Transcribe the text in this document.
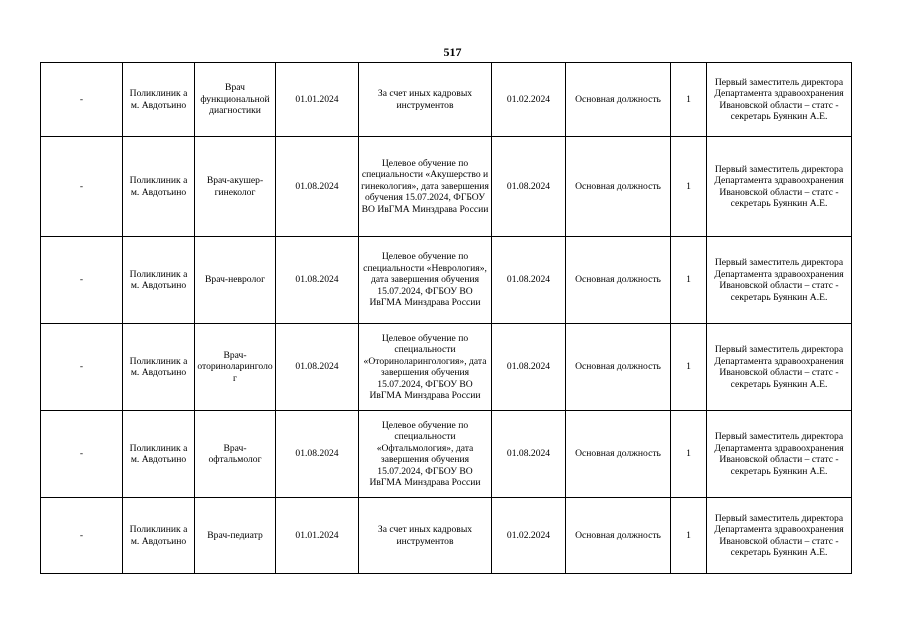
517
-	Поликлиник а м. Авдотьино	Врач функциональной диагностики	01.01.2024	За счет иных кадровых инструментов	01.02.2024	Основная должность	1	Первый заместитель директора Департамента здравоохранения Ивановской области – статс - секретарь Буянкин А.Е.
-	Поликлиник а м. Авдотьино	Врач-акушер-гинеколог	01.08.2024	Целевое обучение по специальности «Акушерство и гинекология», дата завершения обучения 15.07.2024, ФГБОУ ВО ИвГМА Минздрава России	01.08.2024	Основная должность	1	Первый заместитель директора Департамента здравоохранения Ивановской области – статс - секретарь Буянкин А.Е.
-	Поликлиник а м. Авдотьино	Врач-невролог	01.08.2024	Целевое обучение по специальности «Неврология», дата завершения обучения 15.07.2024, ФГБОУ ВО ИвГМА Минздрава России	01.08.2024	Основная должность	1	Первый заместитель директора Департамента здравоохранения Ивановской области – статс - секретарь Буянкин А.Е.
-	Поликлиник а м. Авдотьино	Врач-оториноларинголог	01.08.2024	Целевое обучение по специальности «Оториноларингология», дата завершения обучения 15.07.2024, ФГБОУ ВО ИвГМА Минздрава России	01.08.2024	Основная должность	1	Первый заместитель директора Департамента здравоохранения Ивановской области – статс - секретарь Буянкин А.Е.
-	Поликлиник а м. Авдотьино	Врач-офтальмолог	01.08.2024	Целевое обучение по специальности «Офтальмология», дата завершения обучения 15.07.2024, ФГБОУ ВО ИвГМА Минздрава России	01.08.2024	Основная должность	1	Первый заместитель директора Департамента здравоохранения Ивановской области – статс - секретарь Буянкин А.Е.
-	Поликлиник а м. Авдотьино	Врач-педиатр	01.01.2024	За счет иных кадровых инструментов	01.02.2024	Основная должность	1	Первый заместитель директора Департамента здравоохранения Ивановской области – статс - секретарь Буянкин А.Е.
